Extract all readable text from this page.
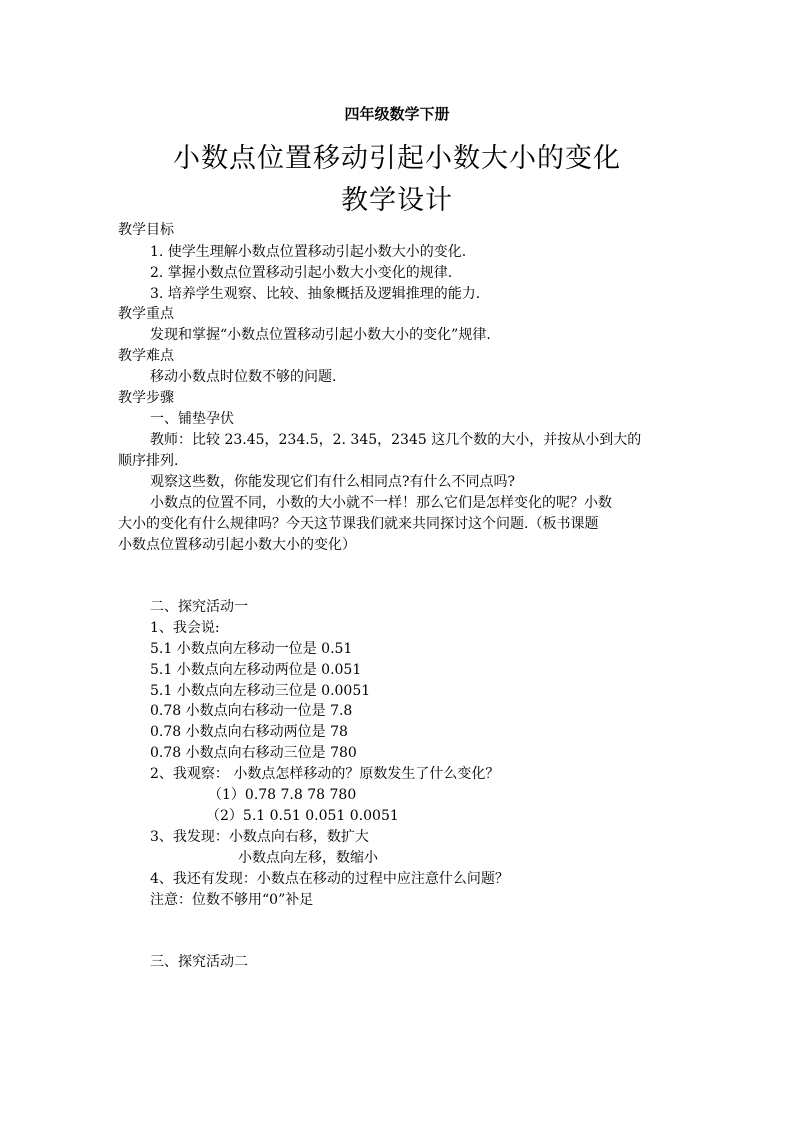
四年级数学下册
小数点位置移动引起小数大小的变化
教学设计
教学目标
1. 使学生理解小数点位置移动引起小数大小的变化.
2. 掌握小数点位置移动引起小数大小变化的规律.
3. 培养学生观察、比较、抽象概括及逻辑推理的能力.
教学重点
发现和掌握“小数点位置移动引起小数大小的变化”规律.
教学难点
移动小数点时位数不够的问题.
教学步骤
一、铺垫孕伏
教师：比较 23.45，234.5，2. 345，2345 这几个数的大小，并按从小到大的
顺序排列.
观察这些数，你能发现它们有什么相同点?有什么不同点吗?
小数点的位置不同，小数的大小就不一样！那么它们是怎样变化的呢？小数
大小的变化有什么规律吗？今天这节课我们就来共同探讨这个问题.（板书课题
小数点位置移动引起小数大小的变化）
二、探究活动一
1、我会说:
5.1 小数点向左移动一位是 0.51
5.1 小数点向左移动两位是 0.051
5.1 小数点向左移动三位是 0.0051
0.78 小数点向右移动一位是 7.8
0.78 小数点向右移动两位是 78
0.78 小数点向右移动三位是 780
2、我观察： 小数点怎样移动的？原数发生了什么变化？
（1）0.78 7.8 78 780
（2）5.1 0.51 0.051 0.0051
3、我发现：小数点向右移，数扩大
小数点向左移，数缩小
4、我还有发现：小数点在移动的过程中应注意什么问题？
注意：位数不够用“0”补足
三、探究活动二
